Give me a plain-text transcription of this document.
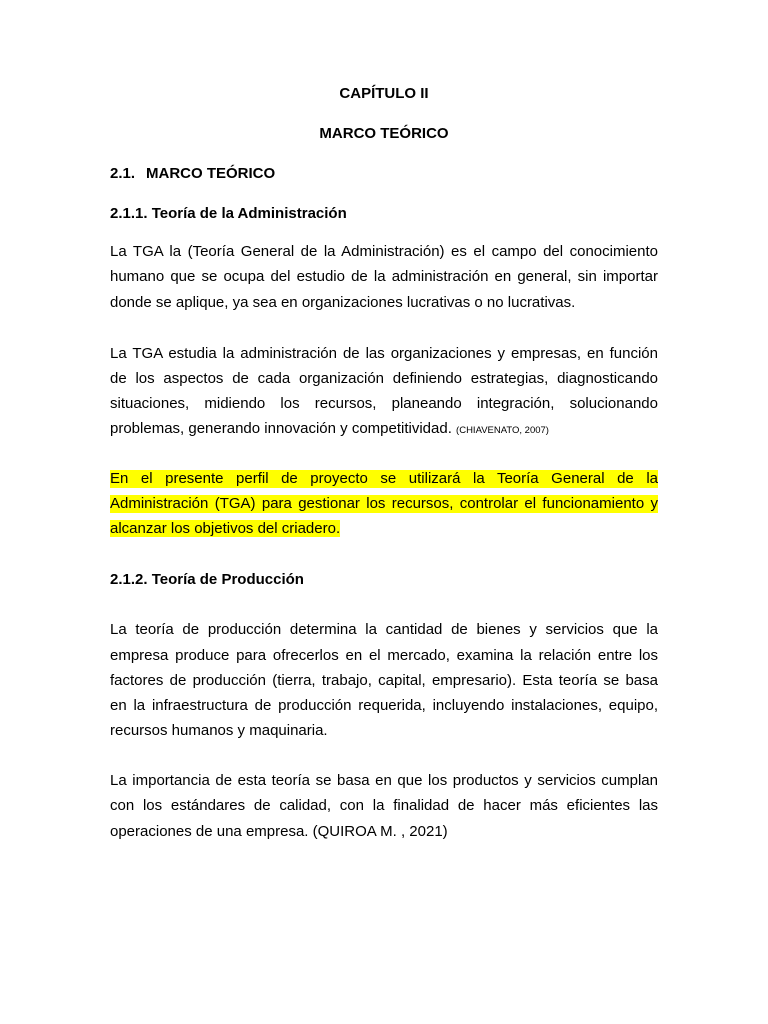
CAPÍTULO II
MARCO TEÓRICO
2.1. MARCO TEÓRICO
2.1.1. Teoría de la Administración
La TGA la (Teoría General de la Administración) es el campo del conocimiento
humano que se ocupa del estudio de la administración en general, sin importar
donde se aplique, ya sea en organizaciones lucrativas o no lucrativas.
La TGA estudia la administración de las organizaciones y empresas, en función
de los aspectos de cada organización definiendo estrategias, diagnosticando
situaciones, midiendo los recursos, planeando integración, solucionando
problemas, generando innovación y competitividad. (CHIAVENATO, 2007)
En el presente perfil de proyecto se utilizará la Teoría General de la
Administración (TGA) para gestionar los recursos, controlar el funcionamiento y
alcanzar los objetivos del criadero.
2.1.2. Teoría de Producción
La teoría de producción determina la cantidad de bienes y servicios que la
empresa produce para ofrecerlos en el mercado, examina la relación entre los
factores de producción (tierra, trabajo, capital, empresario). Esta teoría se basa
en la infraestructura de producción requerida, incluyendo instalaciones, equipo,
recursos humanos y maquinaria.
La importancia de esta teoría se basa en que los productos y servicios cumplan
con los estándares de calidad, con la finalidad de hacer más eficientes las
operaciones de una empresa. (QUIROA M. , 2021)
